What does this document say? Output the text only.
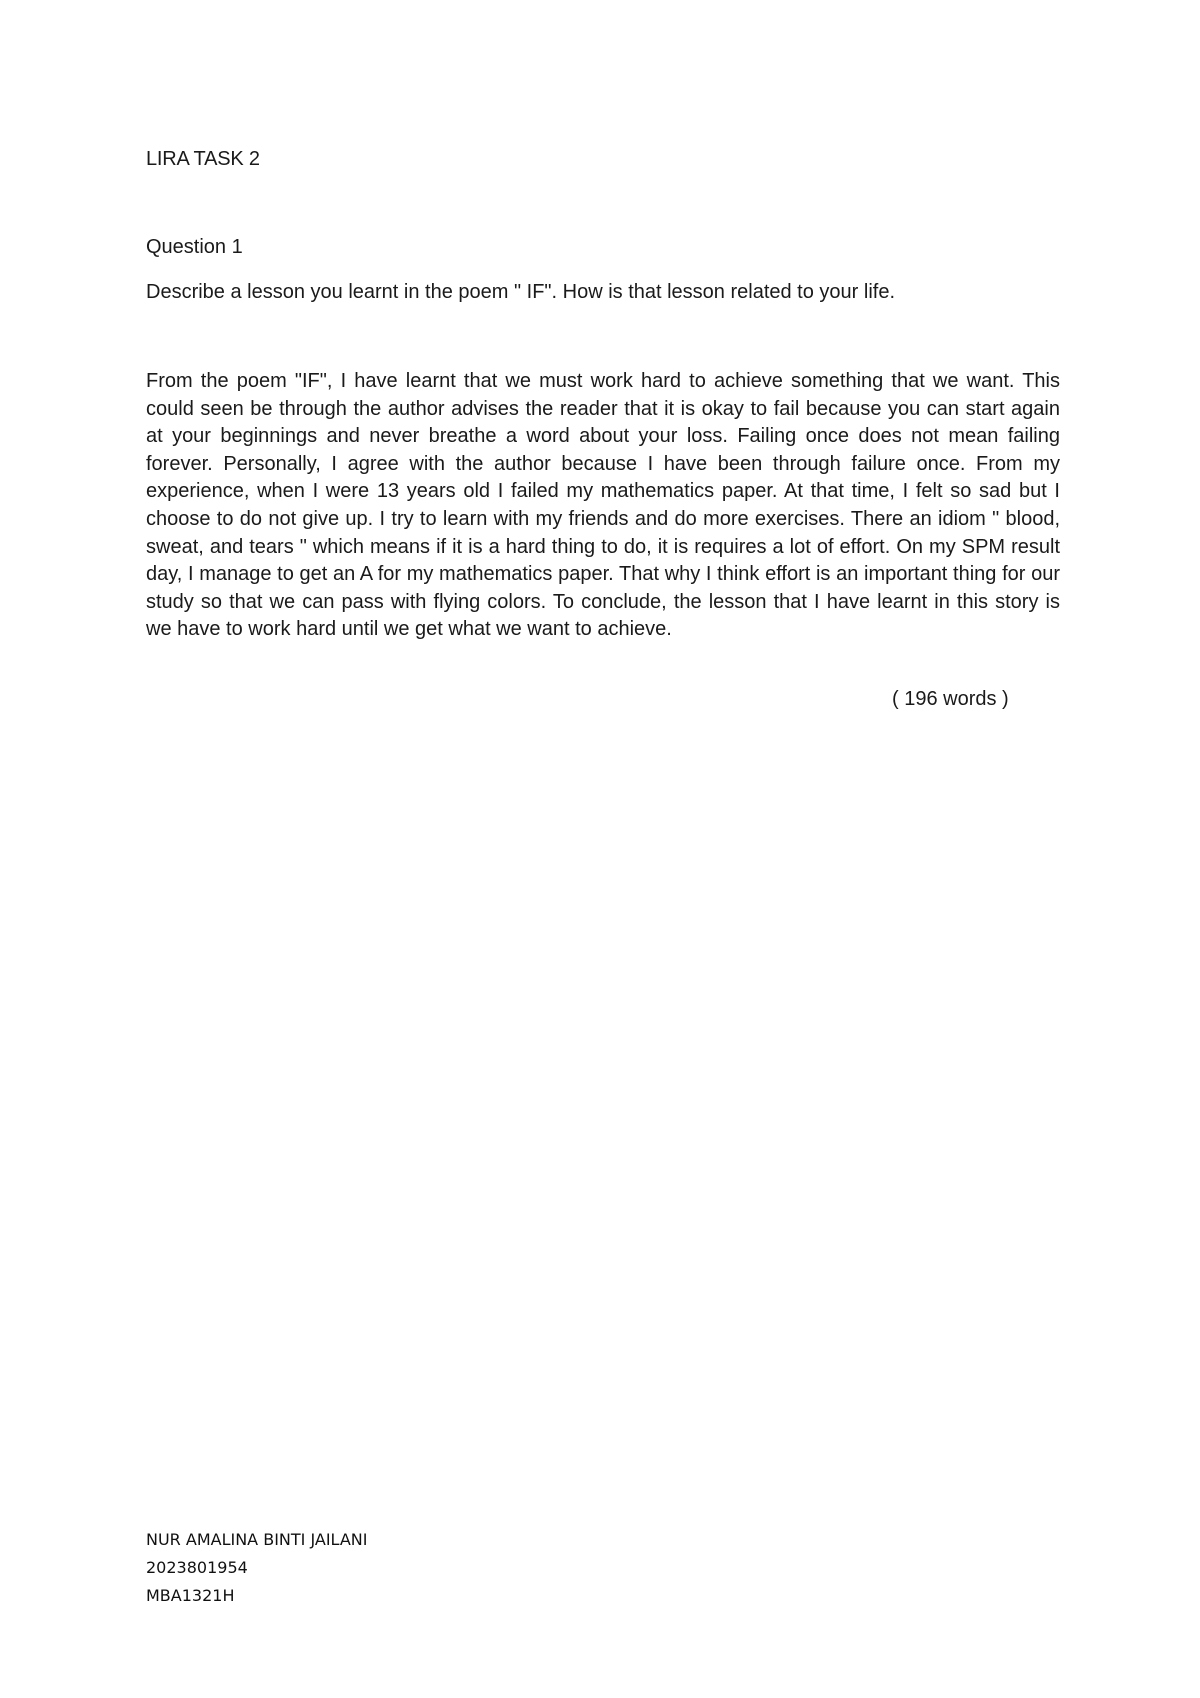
LIRA TASK 2
Question 1
Describe a lesson you learnt in the poem " IF". How is that lesson related to your life.
From the poem "IF", I have learnt that we must work hard to achieve something that we want. This could seen be through the author advises the reader that it is okay to fail because you can start again at your beginnings and never breathe a word about your loss. Failing once does not mean failing forever. Personally, I agree with the author because I have been through failure once. From my experience, when I were 13 years old I failed my mathematics paper. At that time, I felt so sad but I choose to do not give up. I try to learn with my friends and do more exercises. There an idiom " blood, sweat, and tears " which means if it is a hard thing to do, it is requires a lot of effort. On my SPM result day, I manage to get an A for my mathematics paper. That why I think effort is an important thing for our study so that we can pass with flying colors. To conclude, the lesson that I have learnt in this story is we have to work hard until we get what we want to achieve.
( 196 words )
NUR AMALINA BINTI JAILANI
2023801954
MBA1321H
